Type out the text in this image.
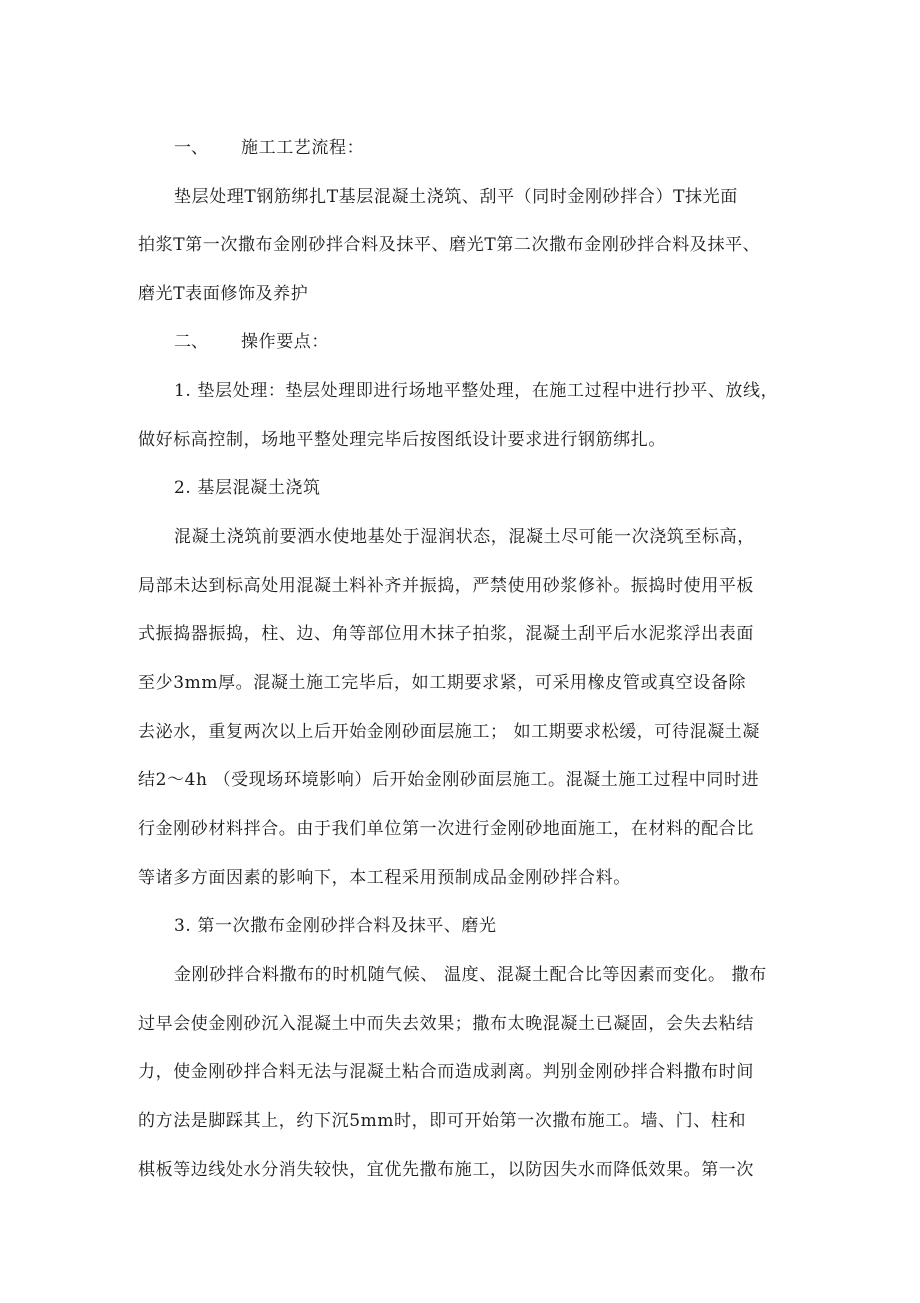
一、 施工工艺流程：
垫层处理T钢筋绑扎T基层混凝土浇筑、刮平（同时金刚砂拌合）T抹光面
拍浆T第一次撒布金刚砂拌合料及抹平、磨光T第二次撒布金刚砂拌合料及抹平、
磨光T表面修饰及养护
二、 操作要点：
1. 垫层处理：垫层处理即进行场地平整处理，在施工过程中进行抄平、放线，
做好标高控制，场地平整处理完毕后按图纸设计要求进行钢筋绑扎。
2. 基层混凝土浇筑
混凝土浇筑前要洒水使地基处于湿润状态，混凝土尽可能一次浇筑至标高，
局部未达到标高处用混凝土料补齐并振捣，严禁使用砂浆修补。振捣时使用平板
式振捣器振捣，柱、边、角等部位用木抹子拍浆，混凝土刮平后水泥浆浮出表面
至少3mm厚。混凝土施工完毕后，如工期要求紧，可采用橡皮管或真空设备除
去泌水，重复两次以上后开始金刚砂面层施工； 如工期要求松缓，可待混凝土凝
结2～4h （受现场环境影响）后开始金刚砂面层施工。混凝土施工过程中同时进
行金刚砂材料拌合。由于我们单位第一次进行金刚砂地面施工，在材料的配合比
等诸多方面因素的影响下，本工程采用预制成品金刚砂拌合料。
3. 第一次撒布金刚砂拌合料及抹平、磨光
金刚砂拌合料撒布的时机随气候、 温度、混凝土配合比等因素而变化。 撒布
过早会使金刚砂沉入混凝土中而失去效果；撒布太晚混凝土已凝固，会失去粘结
力，使金刚砂拌合料无法与混凝土粘合而造成剥离。判别金刚砂拌合料撒布时间
的方法是脚踩其上，约下沉5mm时，即可开始第一次撒布施工。墙、门、柱和
棋板等边线处水分消失较快，宜优先撒布施工，以防因失水而降低效果。第一次
